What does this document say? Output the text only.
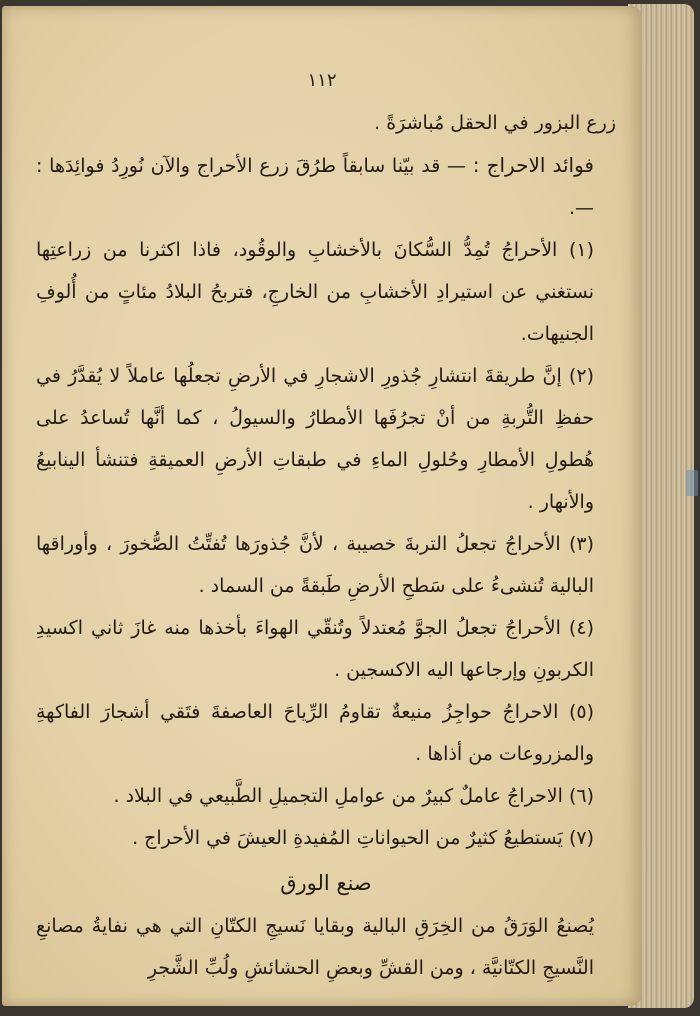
١١٢

زرع البزور في الحقل مُباشرَةً .

فوائد الاحراج : — قد بيّنا سابقاً طرُقَ زرع الأحراج والآن نُورِدُ فوائِدَها : —.

(١) الأحراجُ تُمِدُّ السُّكانَ بالأخشابِ والوقُود، فاذا اكثرنا من زراعتِها نستغني عن استيرادِ الأخشابِ من الخارجِ، فتربحُ البلادُ مئاتٍ من أُلوفِ الجنيهات.

(٢) إنَّ طريقةَ انتشارِ جُذورِ الاشجارِ في الأرضِ تجعلُها عاملاً لا يُقدَّرُ في حفظِ التُّربةِ من أنْ تجرُفَها الأمطارُ والسيولُ ، كما أنَّها تُساعدُ على هُطولِ الأمطارِ وحُلولِ الماءِ في طبقاتِ الأرضِ العميقةِ فتنشأ الينابيعُ والأنهار .

(٣) الأحراجُ تجعلُ التربةَ خصيبة ، لأنَّ جُذورَها تُفتِّتُ الصُّخورَ ، وأوراقها البالية تُنشىءُ على سَطحِ الأرضِ طَبقةً من السماد .

(٤) الأحراجُ تجعلُ الجوَّ مُعتدلاً وتُنقّي الهواءَ بأخذها منه غازَ ثاني اكسيدِ الكربونِ وإرجاعها اليه الاكسجين .

(٥) الاحراجُ حواجِزُ منيعةٌ تقاومُ الرِّياحَ العاصفةَ فتَقي أشجارَ الفاكهةِ والمزروعات من أذاها .

(٦) الاحراجُ عاملٌ كبيرٌ من عواملِ التجميلِ الطَّبيعي في البلاد .

(٧) يَستطيعُ كثيرٌ من الحيواناتِ المُفيدةِ العيشَ في الأحراج .

صنع الورق

يُصنعُ الوَرَقُ من الخِرَقِ البالية وبقايا نَسيجِ الكتّانِ التي هي نفايةُ مصانعِ النَّسيجِ الكتّانيَّة ، ومن القشِّ وبعضِ الحشائشِ ولُبِّ الشَّجرِ
